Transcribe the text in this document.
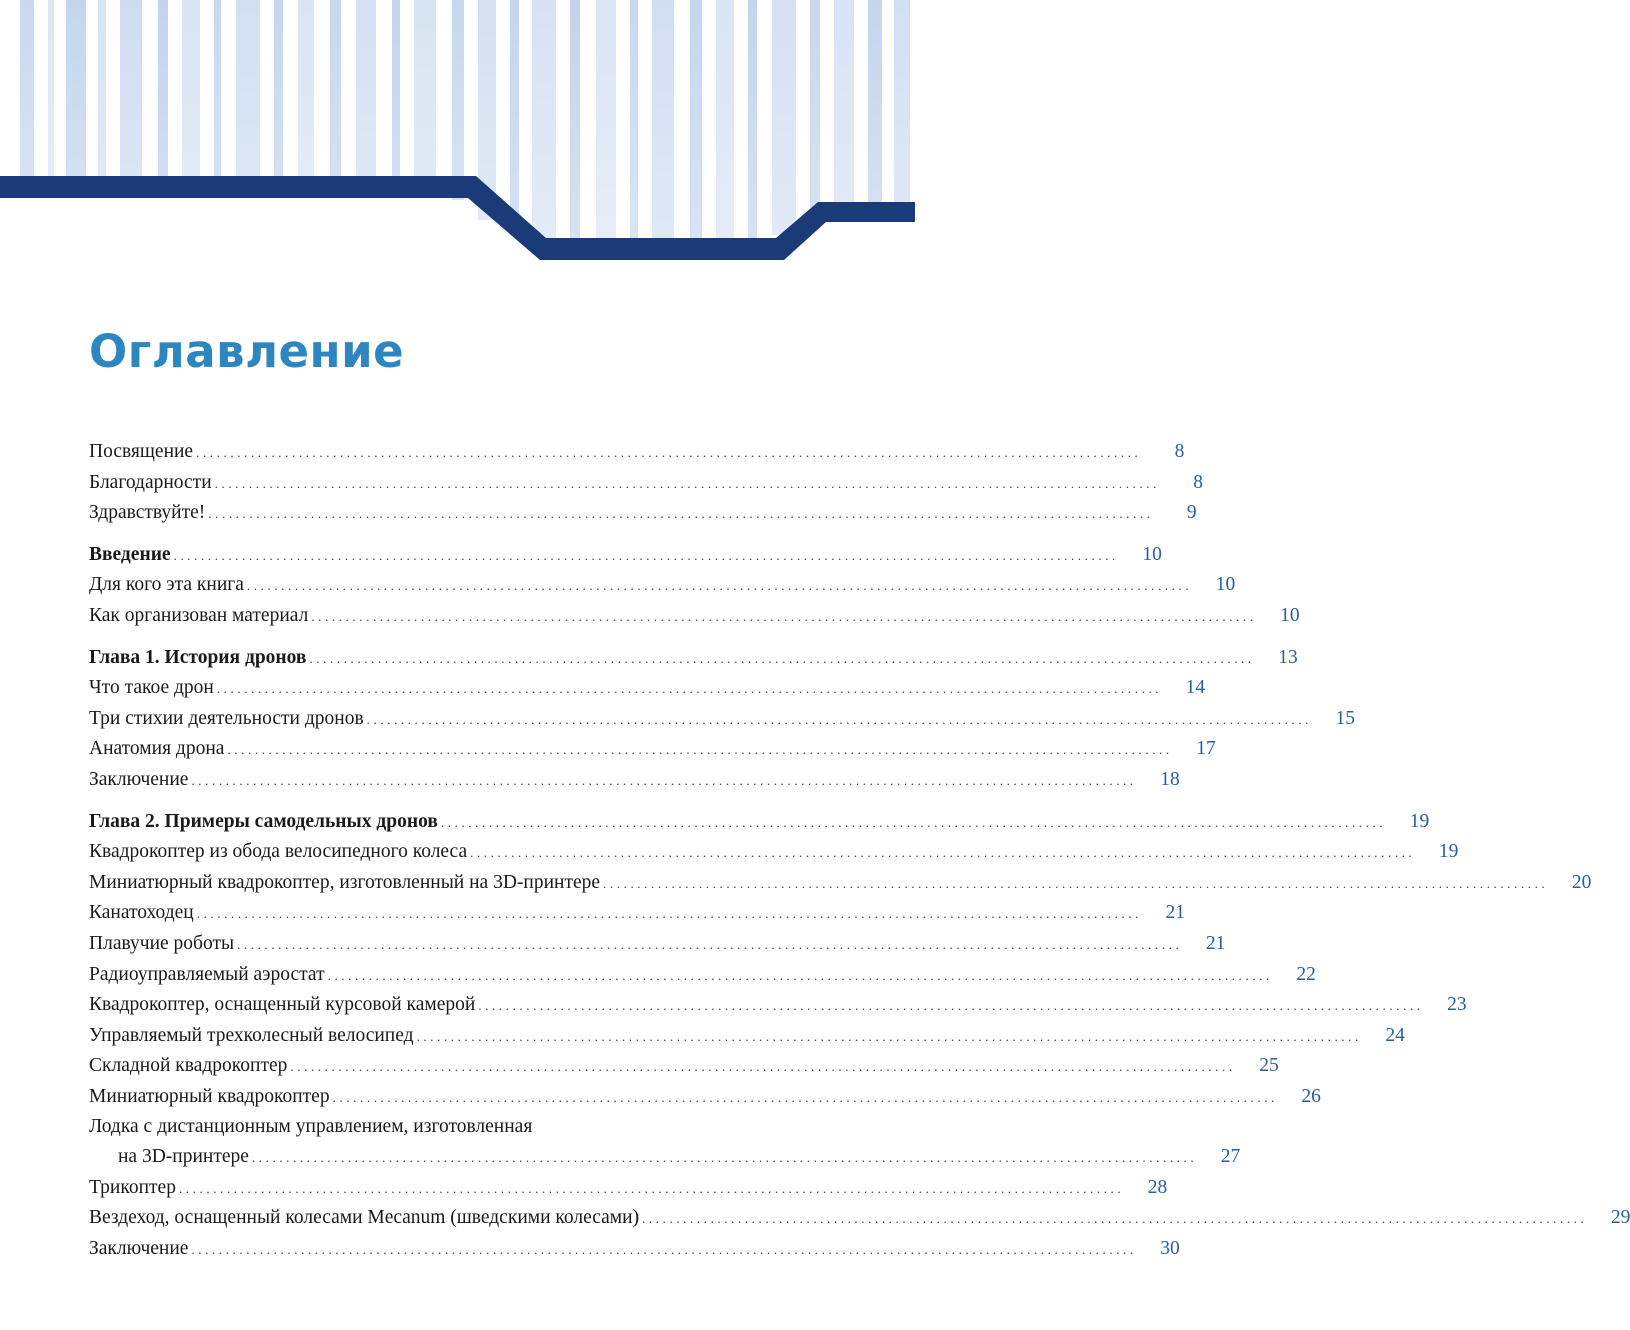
Оглавление
Посвящение ..........................................................................................................................................	8
Благодарности ..........................................................................................................................................	8
Здравствуйте! ..........................................................................................................................................	9
Введение ..........................................................................................................................................	10
Для кого эта книга ..........................................................................................................................................	10
Как организован материал ..........................................................................................................................................	10
Глава 1. История дронов ..........................................................................................................................................	13
Что такое дрон ..........................................................................................................................................	14
Три стихии деятельности дронов ..........................................................................................................................................	15
Анатомия дрона ..........................................................................................................................................	17
Заключение ..........................................................................................................................................	18
Глава 2. Примеры самодельных дронов ..........................................................................................................................................	19
Квадрокоптер из обода велосипедного колеса ..........................................................................................................................................	19
Миниатюрный квадрокоптер, изготовленный на 3D-принтере ..........................................................................................................................................	20
Канатоходец ..........................................................................................................................................	21
Плавучие роботы ..........................................................................................................................................	21
Радиоуправляемый аэростат ..........................................................................................................................................	22
Квадрокоптер, оснащенный курсовой камерой ..........................................................................................................................................	23
Управляемый трехколесный велосипед ..........................................................................................................................................	24
Складной квадрокоптер ..........................................................................................................................................	25
Миниатюрный квадрокоптер ..........................................................................................................................................	26
Лодка с дистанционным управлением, изготовленная
на 3D-принтере ..........................................................................................................................................	27
Трикоптер ..........................................................................................................................................	28
Вездеход, оснащенный колесами Mecanum (шведскими колесами) ..........................................................................................................................................	29
Заключение ..........................................................................................................................................	30
